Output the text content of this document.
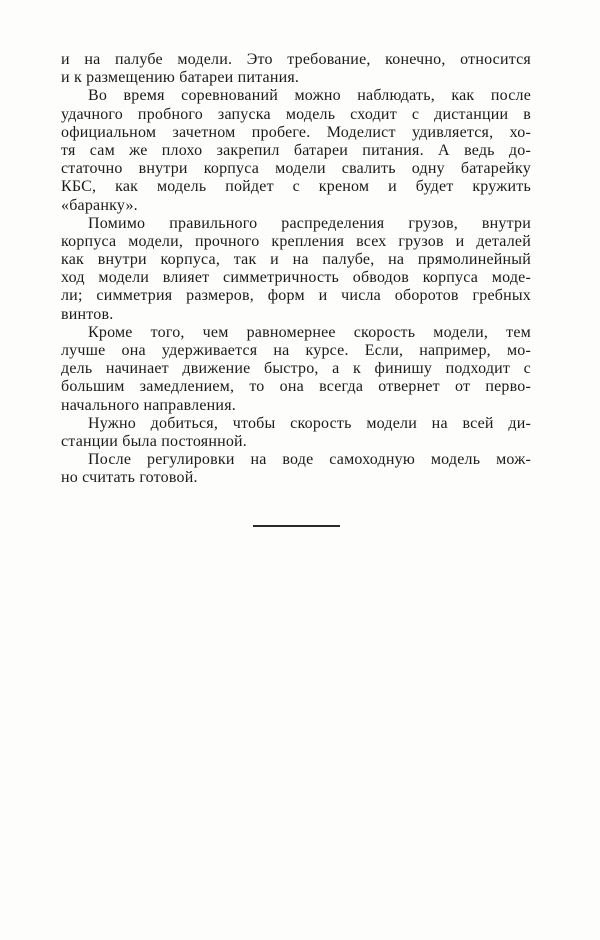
и на палубе модели. Это требование, конечно, относится
и к размещению батареи питания.
Во время соревнований можно наблюдать, как после
удачного пробного запуска модель сходит с дистанции в
официальном зачетном пробеге. Моделист удивляется, хо-
тя сам же плохо закрепил батареи питания. А ведь до-
статочно внутри корпуса модели свалить одну батарейку
КБС, как модель пойдет с креном и будет кружить
«баранку».
Помимо правильного распределения грузов, внутри
корпуса модели, прочного крепления всех грузов и деталей
как внутри корпуса, так и на палубе, на прямолинейный
ход модели влияет симметричность обводов корпуса моде-
ли; симметрия размеров, форм и числа оборотов гребных
винтов.
Кроме того, чем равномернее скорость модели, тем
лучше она удерживается на курсе. Если, например, мо-
дель начинает движение быстро, а к финишу подходит с
большим замедлением, то она всегда отвернет от перво-
начального направления.
Нужно добиться, чтобы скорость модели на всей ди-
станции была постоянной.
После регулировки на воде самоходную модель мож-
но считать готовой.
